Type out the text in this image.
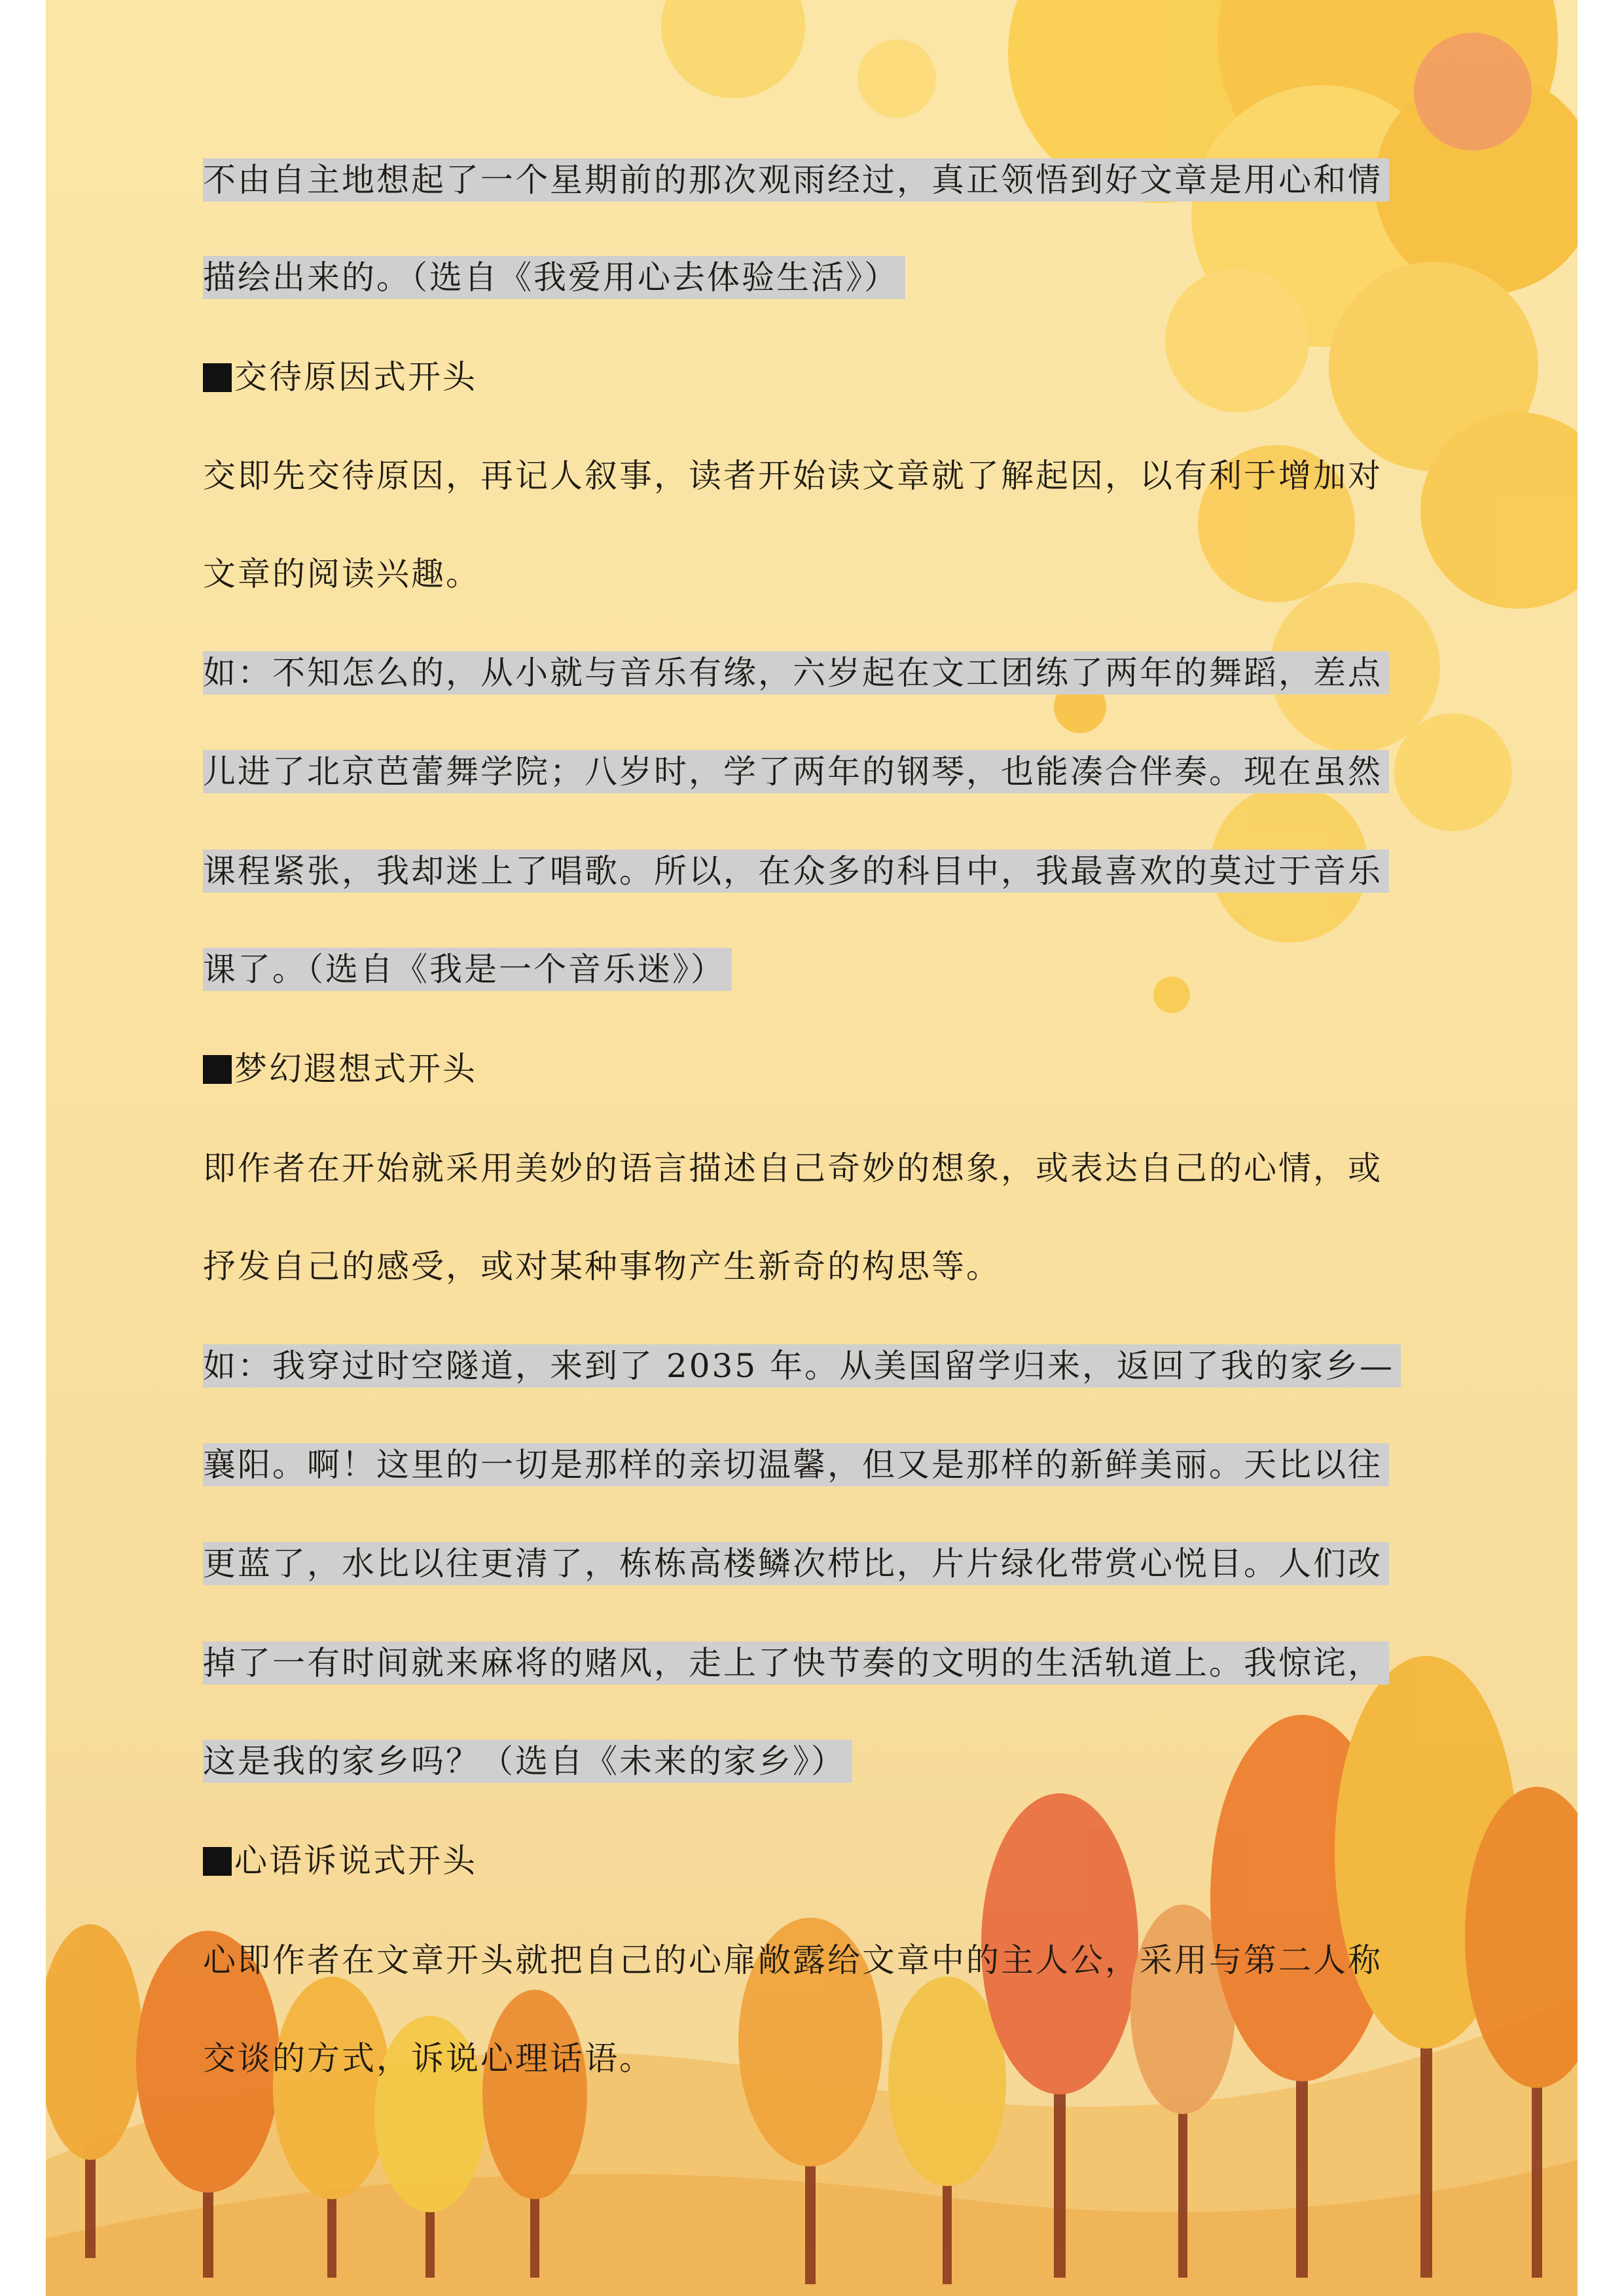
不由自主地想起了一个星期前的那次观雨经过，真正领悟到好文章是用心和情
描绘出来的。（选自《我爱用心去体验生活》）
交待原因式开头
交即先交待原因，再记人叙事，读者开始读文章就了解起因，以有利于增加对
文章的阅读兴趣。
如：不知怎么的，从小就与音乐有缘，六岁起在文工团练了两年的舞蹈，差点
儿进了北京芭蕾舞学院；八岁时，学了两年的钢琴，也能凑合伴奏。现在虽然
课程紧张，我却迷上了唱歌。所以，在众多的科目中，我最喜欢的莫过于音乐
课了。（选自《我是一个音乐迷》）
梦幻遐想式开头
即作者在开始就采用美妙的语言描述自己奇妙的想象，或表达自己的心情，或
抒发自己的感受，或对某种事物产生新奇的构思等。
如：我穿过时空隧道，来到了 2035 年。从美国留学归来，返回了我的家乡—
襄阳。啊！这里的一切是那样的亲切温馨，但又是那样的新鲜美丽。天比以往
更蓝了，水比以往更清了，栋栋高楼鳞次栉比，片片绿化带赏心悦目。人们改
掉了一有时间就来麻将的赌风，走上了快节奏的文明的生活轨道上。我惊诧，
这是我的家乡吗？（选自《未来的家乡》）
心语诉说式开头
心即作者在文章开头就把自己的心扉敞露给文章中的主人公，采用与第二人称
交谈的方式，诉说心理话语。
